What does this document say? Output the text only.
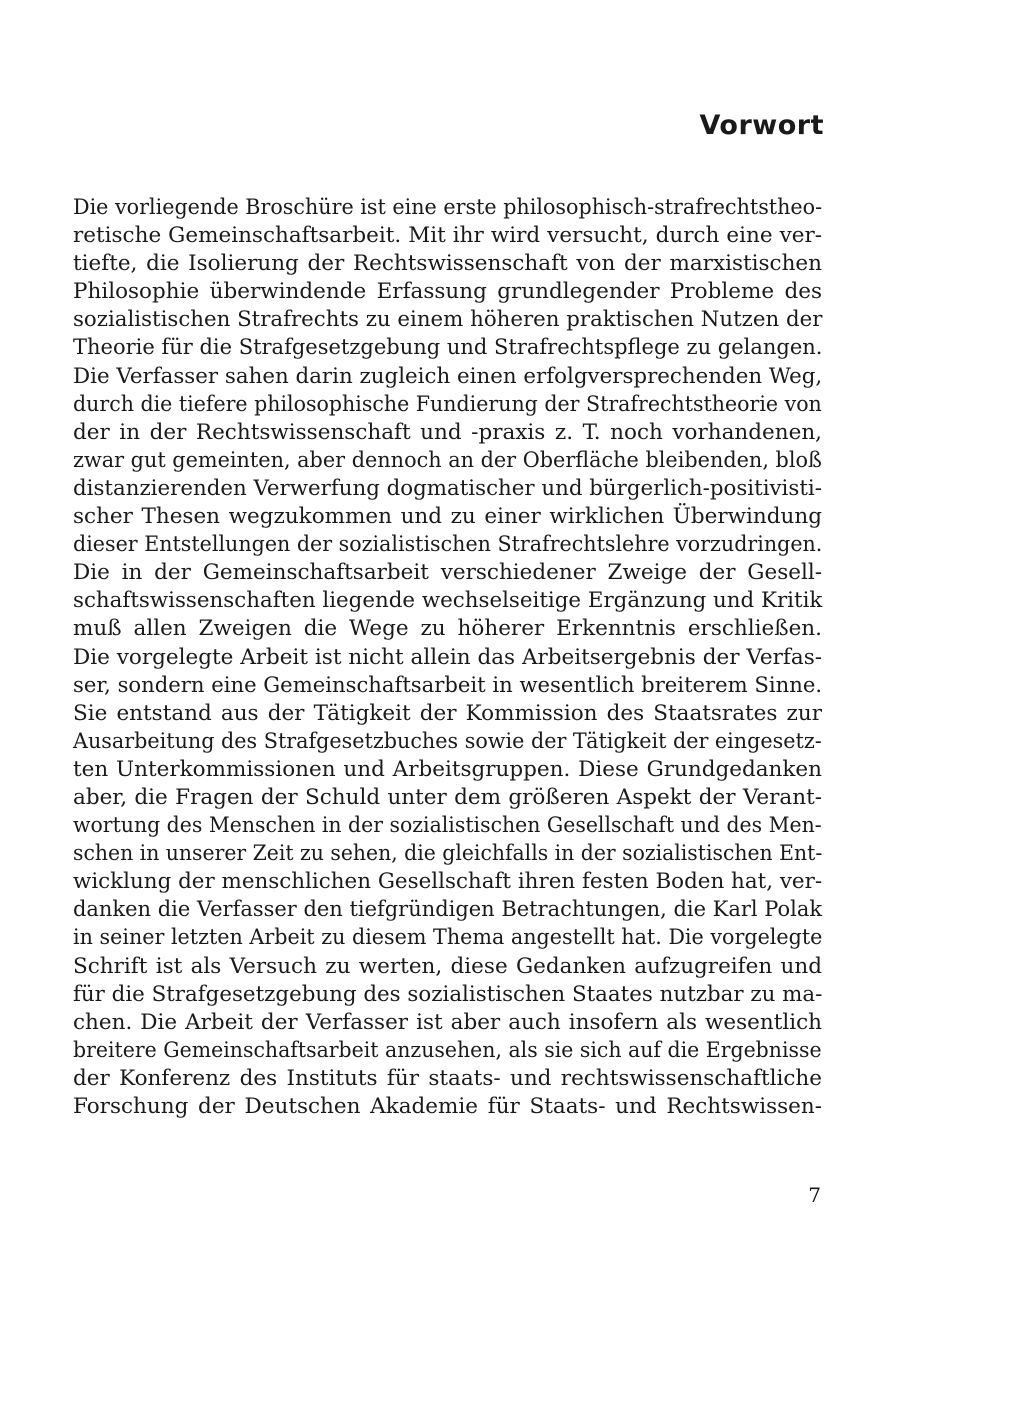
Vorwort
Die vorliegende Broschüre ist eine erste philosophisch-strafrechtstheo-
retische Gemeinschaftsarbeit. Mit ihr wird versucht, durch eine ver-
tiefte, die Isolierung der Rechtswissenschaft von der marxistischen
Philosophie überwindende Erfassung grundlegender Probleme des
sozialistischen Strafrechts zu einem höheren praktischen Nutzen der
Theorie für die Strafgesetzgebung und Strafrechtspflege zu gelangen.
Die Verfasser sahen darin zugleich einen erfolgversprechenden Weg,
durch die tiefere philosophische Fundierung der Strafrechtstheorie von
der in der Rechtswissenschaft und -praxis z. T. noch vorhandenen,
zwar gut gemeinten, aber dennoch an der Oberfläche bleibenden, bloß
distanzierenden Verwerfung dogmatischer und bürgerlich-positivisti-
scher Thesen wegzukommen und zu einer wirklichen Überwindung
dieser Entstellungen der sozialistischen Strafrechtslehre vorzudringen.
Die in der Gemeinschaftsarbeit verschiedener Zweige der Gesell-
schaftswissenschaften liegende wechselseitige Ergänzung und Kritik
muß allen Zweigen die Wege zu höherer Erkenntnis erschließen.
Die vorgelegte Arbeit ist nicht allein das Arbeitsergebnis der Verfas-
ser, sondern eine Gemeinschaftsarbeit in wesentlich breiterem Sinne.
Sie entstand aus der Tätigkeit der Kommission des Staatsrates zur
Ausarbeitung des Strafgesetzbuches sowie der Tätigkeit der eingesetz-
ten Unterkommissionen und Arbeitsgruppen. Diese Grundgedanken
aber, die Fragen der Schuld unter dem größeren Aspekt der Verant-
wortung des Menschen in der sozialistischen Gesellschaft und des Men-
schen in unserer Zeit zu sehen, die gleichfalls in der sozialistischen Ent-
wicklung der menschlichen Gesellschaft ihren festen Boden hat, ver-
danken die Verfasser den tiefgründigen Betrachtungen, die Karl Polak
in seiner letzten Arbeit zu diesem Thema angestellt hat. Die vorgelegte
Schrift ist als Versuch zu werten, diese Gedanken aufzugreifen und
für die Strafgesetzgebung des sozialistischen Staates nutzbar zu ma-
chen. Die Arbeit der Verfasser ist aber auch insofern als wesentlich
breitere Gemeinschaftsarbeit anzusehen, als sie sich auf die Ergebnisse
der Konferenz des Instituts für staats- und rechtswissenschaftliche
Forschung der Deutschen Akademie für Staats- und Rechtswissen-
7
